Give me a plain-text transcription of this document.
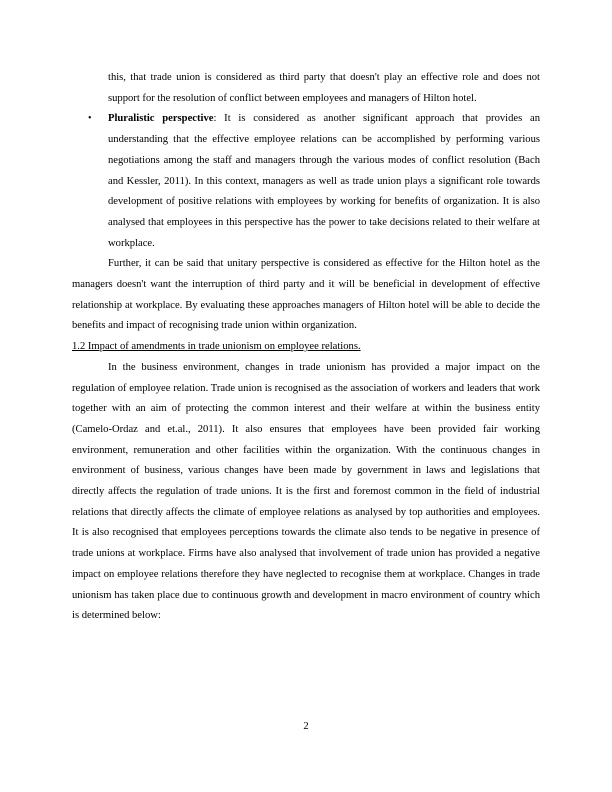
this, that trade union is considered as third party that doesn't play an effective role and does not support for the resolution of conflict between employees and managers of Hilton hotel.

• Pluralistic perspective: It is considered as another significant approach that provides an understanding that the effective employee relations can be accomplished by performing various negotiations among the staff and managers through the various modes of conflict resolution (Bach and Kessler, 2011). In this context, managers as well as trade union plays a significant role towards development of positive relations with employees by working for benefits of organization. It is also analysed that employees in this perspective has the power to take decisions related to their welfare at workplace.

Further, it can be said that unitary perspective is considered as effective for the Hilton hotel as the managers doesn't want the interruption of third party and it will be beneficial in development of effective relationship at workplace. By evaluating these approaches managers of Hilton hotel will be able to decide the benefits and impact of recognising trade union within organization.

1.2 Impact of amendments in trade unionism on employee relations.

In the business environment, changes in trade unionism has provided a major impact on the regulation of employee relation. Trade union is recognised as the association of workers and leaders that work together with an aim of protecting the common interest and their welfare at within the business entity (Camelo-Ordaz and et.al., 2011). It also ensures that employees have been provided fair working environment, remuneration and other facilities within the organization. With the continuous changes in environment of business, various changes have been made by government in laws and legislations that directly affects the regulation of trade unions. It is the first and foremost common in the field of industrial relations that directly affects the climate of employee relations as analysed by top authorities and employees. It is also recognised that employees perceptions towards the climate also tends to be negative in presence of trade unions at workplace. Firms have also analysed that involvement of trade union has provided a negative impact on employee relations therefore they have neglected to recognise them at workplace. Changes in trade unionism has taken place due to continuous growth and development in macro environment of country which is determined below:

2
